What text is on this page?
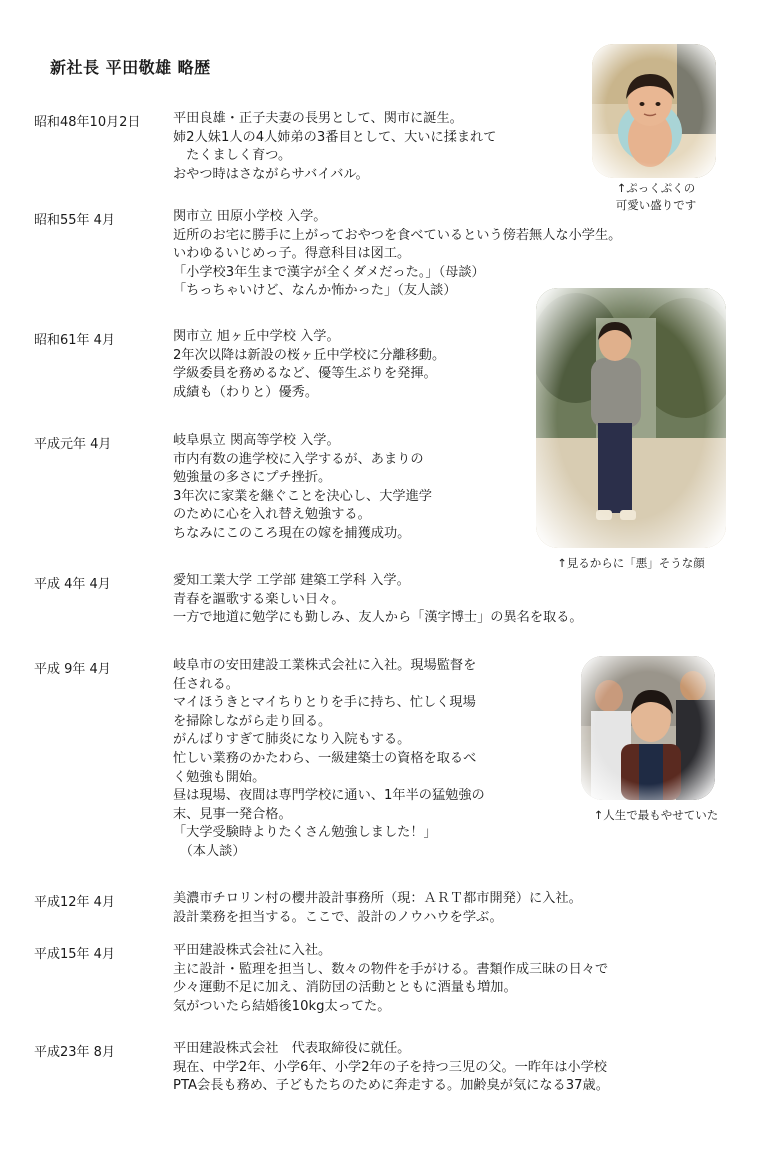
新社長 平田敬雄 略歴
昭和48年10月2日 平田良雄・正子夫妻の長男として、関市に誕生。
姉2人妹1人の4人姉弟の3番目として、大いに揉まれて
　たくましく育つ。
おやつ時はさながらサバイバル。
昭和55年 4月	関市立 田原小学校 入学。
近所のお宅に勝手に上がっておやつを食べているという傍若無人な小学生。
いわゆるいじめっ子。得意科目は図工。
「小学校3年生まで漢字が全くダメだった。」（母談）
「ちっちゃいけど、なんか怖かった」（友人談）
昭和61年 4月	関市立 旭ヶ丘中学校 入学。
2年次以降は新設の桜ヶ丘中学校に分離移動。
学級委員を務めるなど、優等生ぶりを発揮。
成績も（わりと）優秀。
平成元年 4月	岐阜県立 関高等学校 入学。
市内有数の進学校に入学するが、あまりの
勉強量の多さにプチ挫折。
3年次に家業を継ぐことを決心し、大学進学
のために心を入れ替え勉強する。
ちなみにこのころ現在の嫁を捕獲成功。
平成 4年 4月	愛知工業大学 工学部 建築工学科 入学。
青春を謳歌する楽しい日々。
一方で地道に勉学にも勤しみ、友人から「漢字博士」の異名を取る。
平成 9年 4月	岐阜市の安田建設工業株式会社に入社。現場監督を
任される。
マイほうきとマイちりとりを手に持ち、忙しく現場
を掃除しながら走り回る。
がんばりすぎて肺炎になり入院もする。
忙しい業務のかたわら、一級建築士の資格を取るべ
く勉強も開始。
昼は現場、夜間は専門学校に通い、1年半の猛勉強の
末、見事一発合格。
「大学受験時よりたくさん勉強しました！」
　（本人談）
平成12年 4月	美濃市チロリン村の櫻井設計事務所（現：ＡＲＴ都市開発）に入社。
設計業務を担当する。ここで、設計のノウハウを学ぶ。
平成15年 4月	平田建設株式会社に入社。
主に設計・監理を担当し、数々の物件を手がける。書類作成三昧の日々で
少々運動不足に加え、消防団の活動とともに酒量も増加。
気がついたら結婚後10kg太ってた。
平成23年 8月	平田建設株式会社　代表取締役に就任。
現在、中学2年、小学6年、小学2年の子を持つ三児の父。一昨年は小学校
PTA会長も務め、子どもたちのために奔走する。加齢臭が気になる37歳。
↑ぷっくぷくの
可愛い盛りです
↑見るからに「悪」そうな顔
↑人生で最もやせていた
